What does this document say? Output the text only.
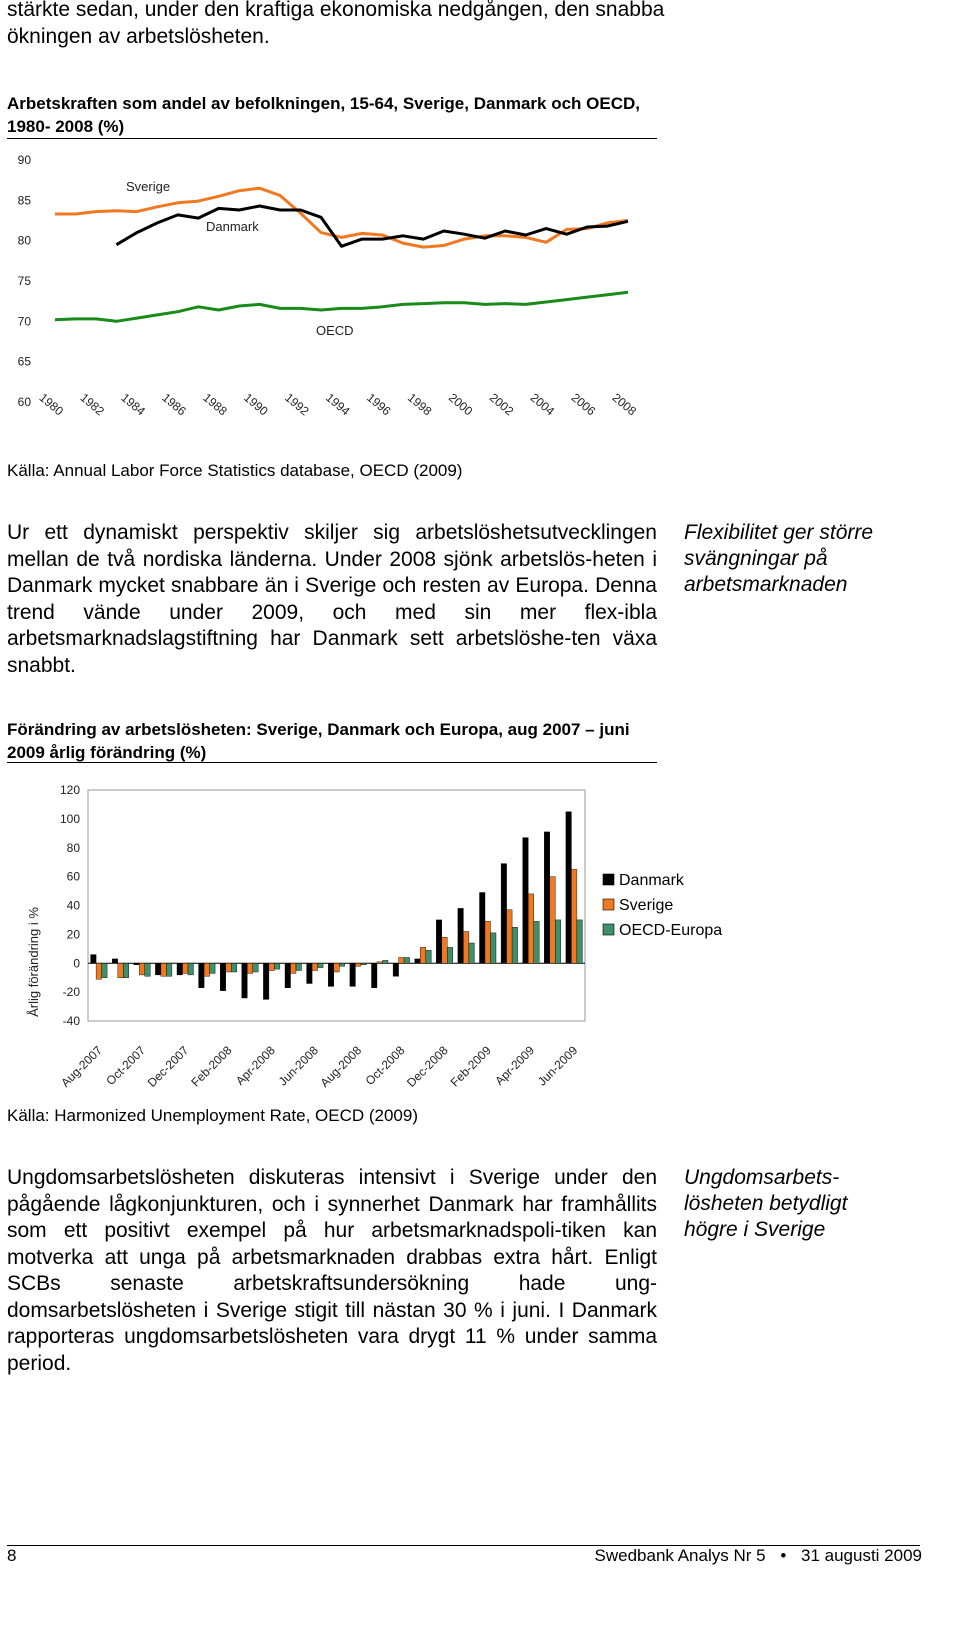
stärkte sedan, under den kraftiga ekonomiska nedgången, den snabba ökningen av arbetslösheten.
Arbetskraften som andel av befolkningen, 15-64, Sverige, Danmark och OECD, 1980- 2008 (%)
60
65
70
75
80
85
90
1980 1982 1984 1986 1988 1990 1992 1994 1996 1998 2000 2002 2004 2006 2008
Sverige
Danmark
OECD
Källa: Annual Labor Force Statistics database, OECD (2009)
Ur ett dynamiskt perspektiv skiljer sig arbetslöshetsutvecklingen mellan de två nordiska länderna. Under 2008 sjönk arbetslös-heten i Danmark mycket snabbare än i Sverige och resten av Europa. Denna trend vände under 2009, och med sin mer flex-ibla arbetsmarknadslagstiftning har Danmark sett arbetslöshe-ten växa snabbt.
Flexibilitet ger större svängningar på arbetsmarknaden
Förändring av arbetslösheten: Sverige, Danmark och Europa, aug 2007 – juni 2009 årlig förändring (%)
-40
-20
0
20
40
60
80
100
120
Aug-2007
Oct-2007
Dec-2007
Feb-2008
Apr-2008
Jun-2008
Aug-2008
Oct-2008
Dec-2008
Feb-2009
Apr-2009
Jun-2009
Årlig förändring i %
Danmark
Sverige
OECD-Europa
Källa: Harmonized Unemployment Rate, OECD (2009)
Ungdomsarbetslösheten diskuteras intensivt i Sverige under den pågående lågkonjunkturen, och i synnerhet Danmark har framhållits som ett positivt exempel på hur arbetsmarknadspoli-tiken kan motverka att unga på arbetsmarknaden drabbas extra hårt. Enligt SCBs senaste arbetskraftsundersökning hade ung-domsarbetslösheten i Sverige stigit till nästan 30 % i juni. I Danmark rapporteras ungdomsarbetslösheten vara drygt 11 % under samma period.
Ungdomsarbets-lösheten betydligt högre i Sverige
8	Swedbank Analys Nr 5 • 31 augusti 2009
